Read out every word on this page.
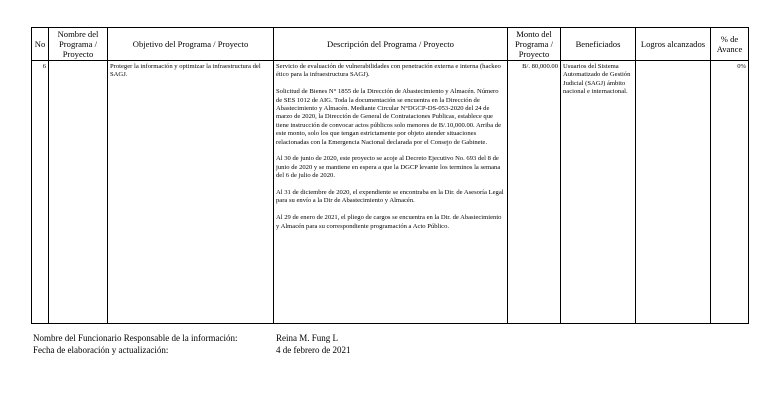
No	Nombre del Programa / Proyecto	Objetivo del Programa / Proyecto	Descripción del Programa / Proyecto	Monto del Programa / Proyecto	Beneficiados	Logros alcanzados	% de Avance
6		Proteger la información y optimizar la infraestructura del SAGJ.	Servicio de evaluación de vulnerabilidades con penetración externa e interna (hackeo ético para la infraestructura SAGJ).

Solicitud de Bienes N° 1855 de la Dirección de Abastecimiento y Almacén. Número de SES 1012 de AIG. Toda la documentación se encuentra en la Dirección de Abastecimiento y Almacén. Mediante Circular N°DGCP-DS-053-2020 del 24 de marzo de 2020, la Dirección de General de Contrataciones Publicas, establece que tiene instrucción de convocar actos públicos solo menores de B/.10,000.00. Arriba de este monto, solo los que tengan estrictamente por objeto atender situaciones relacionadas con la Emergencia Nacional declarada por el Consejo de Gabinete.

Al 30 de junio de 2020, este proyecto se acoje al Decreto Ejecutivo No. 693 del 8 de junio de 2020 y se mantiene en espera a que la DGCP levante los terminos la semana del 6 de julio de 2020.

Al 31 de diciembre de 2020, el expendiente se encontraba en la Dir. de Asesoría Legal para su envío a la Dir de Abastecimiento y Almacén.

Al 29 de enero de 2021, el pliego de cargos se encuentra en la Dir. de Abastecimiento y Almacén para su correspondiente programación a Acto Público.	B/. 80,000.00	Usuarios del Sistema Automatizado de Gestión Judicial (SAGJ) ámbito nacional e internacional.		0%
Nombre del Funcionario Responsable de la información:	Reina M. Fung L
Fecha de elaboración y actualización:	4 de febrero de 2021
